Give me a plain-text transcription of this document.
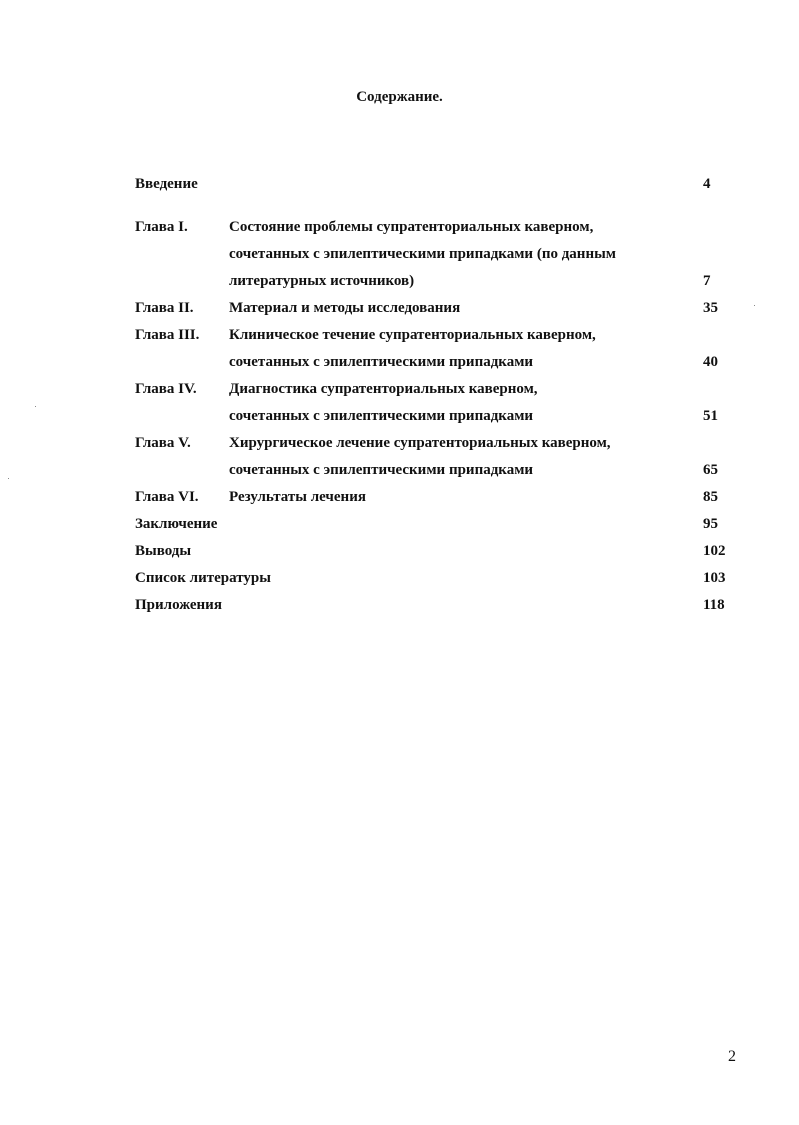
Содержание.
Введение	4
Глава I.	Состояние проблемы супратенториальных каверном,
сочетанных с эпилептическими припадками (по данным
литературных источников)	7
Глава II.	Материал и методы исследования	35
Глава III.	Клиническое течение супратенториальных каверном,
сочетанных с эпилептическими припадками	40
Глава IV.	Диагностика супратенториальных каверном,
сочетанных с эпилептическими припадками	51
Глава V.	Хирургическое лечение супратенториальных каверном,
сочетанных с эпилептическими припадками	65
Глава VI.	Результаты лечения	85
Заключение	95
Выводы	102
Список литературы	103
Приложения	118
2
